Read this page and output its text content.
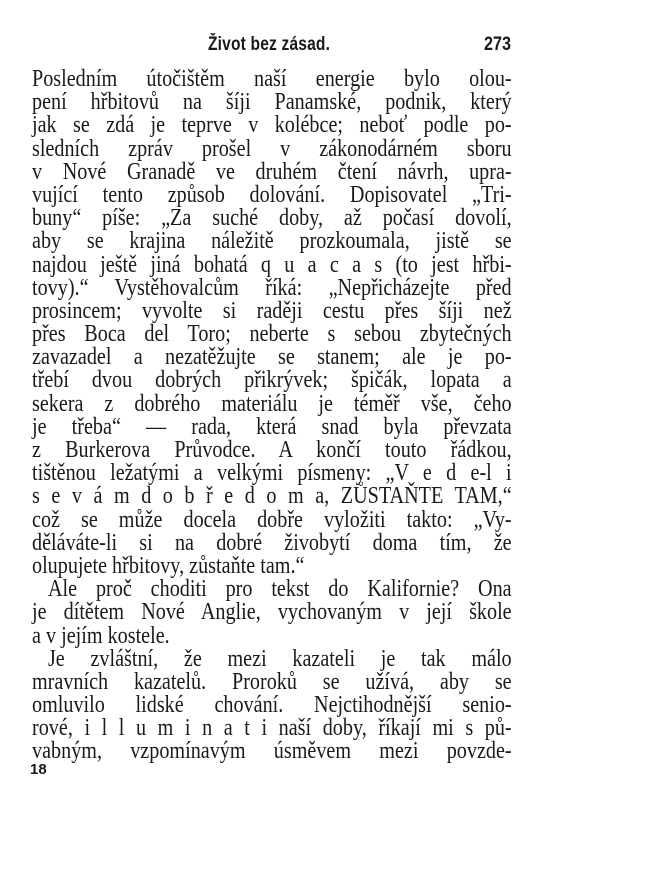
Život bez zásad.	273
Posledním útočištěm naší energie bylo olou-
pení hřbitovů na šíji Panamské, podnik, který
jak se zdá je teprve v kolébce; neboť podle po-
sledních zpráv prošel v zákonodárném sboru
v Nové Granadě ve druhém čtení návrh, upra-
vující tento způsob dolování. Dopisovatel „Tri-
buny“ píše: „Za suché doby, až počasí dovolí,
aby se krajina náležitě prozkoumala, jistě se
najdou ještě jiná bohatá q u a c a s (to jest hřbi-
tovy).“ Vystěhovalcům říká: „Nepřicházejte před
prosincem; vyvolte si raději cestu přes šíji než
přes Boca del Toro; neberte s sebou zbytečných
zavazadel a nezatěžujte se stanem; ale je po-
třebí dvou dobrých přikrývek; špičák, lopata a
sekera z dobrého materiálu je téměř vše, čeho
je třeba“ — rada, která snad byla převzata
z Burkerova Průvodce. A končí touto řádkou,
tištěnou ležatými a velkými písmeny: „V e d e-l i
s e v á m d o b ř e d o m a, ZŮSTAŇTE TAM,“
což se může docela dobře vyložiti takto: „Vy-
děláváte-li si na dobré živobytí doma tím, že
olupujete hřbitovy, zůstaňte tam.“
Ale proč choditi pro tekst do Kalifornie? Ona
je dítětem Nové Anglie, vychovaným v její škole
a v jejím kostele.
Je zvláštní, že mezi kazateli je tak málo
mravních kazatelů. Proroků se užívá, aby se
omluvilo lidské chování. Nejctihodnější senio-
rové, i l l u m i n a t i naší doby, říkají mi s pů-
vabným, vzpomínavým úsměvem mezi povzde-
18
